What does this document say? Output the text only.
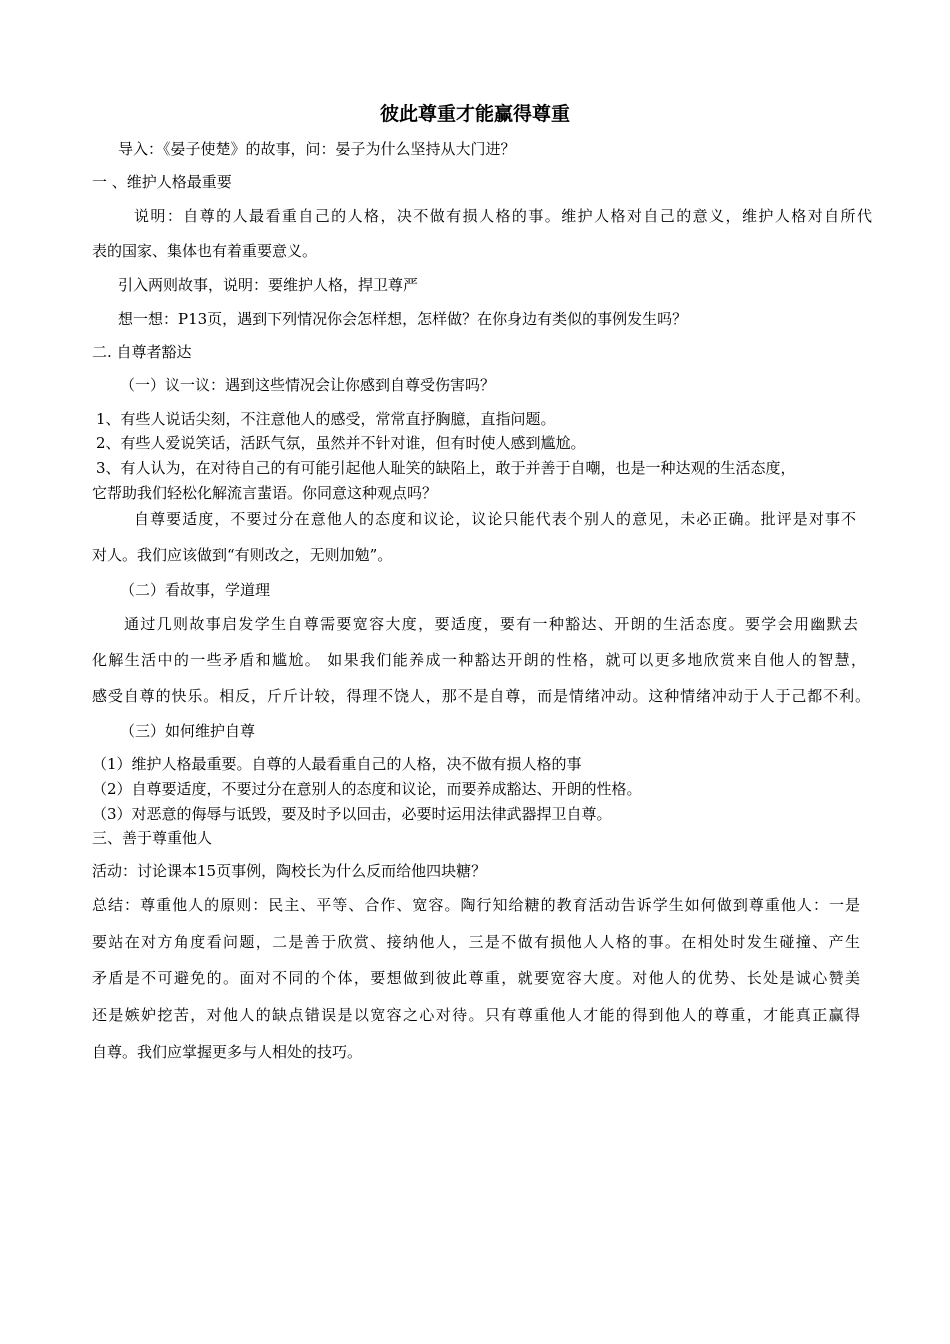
彼此尊重才能赢得尊重
导入：《晏子使楚》的故事，问：晏子为什么坚持从大门进？
一 、维护人格最重要
说明：自尊的人最看重自己的人格，决不做有损人格的事。维护人格对自己的意义，维护人格对自所代
表的国家、集体也有着重要意义。
引入两则故事，说明：要维护人格，捍卫尊严
想一想：P13页，遇到下列情况你会怎样想，怎样做？在你身边有类似的事例发生吗？
二. 自尊者豁达
（一）议一议：遇到这些情况会让你感到自尊受伤害吗？
1、有些人说话尖刻，不注意他人的感受，常常直抒胸臆，直指问题。
2、有些人爱说笑话，活跃气氛，虽然并不针对谁，但有时使人感到尴尬。
3、有人认为，在对待自己的有可能引起他人耻笑的缺陷上，敢于并善于自嘲，也是一种达观的生活态度，
它帮助我们轻松化解流言蜚语。你同意这种观点吗？
自尊要适度，不要过分在意他人的态度和议论，议论只能代表个别人的意见，未必正确。批评是对事不
对人。我们应该做到“有则改之，无则加勉”。
（二）看故事，学道理
通过几则故事启发学生自尊需要宽容大度，要适度，要有一种豁达、开朗的生活态度。要学会用幽默去
化解生活中的一些矛盾和尴尬。 如果我们能养成一种豁达开朗的性格，就可以更多地欣赏来自他人的智慧，
感受自尊的快乐。相反，斤斤计较，得理不饶人，那不是自尊，而是情绪冲动。这种情绪冲动于人于己都不利。
（三）如何维护自尊
（1）维护人格最重要。自尊的人最看重自己的人格，决不做有损人格的事
（2）自尊要适度，不要过分在意别人的态度和议论，而要养成豁达、开朗的性格。
（3）对恶意的侮辱与诋毁，要及时予以回击，必要时运用法律武器捍卫自尊。
三、善于尊重他人
活动：讨论课本15页事例，陶校长为什么反而给他四块糖？
总结：尊重他人的原则：民主、平等、合作、宽容。陶行知给糖的教育活动告诉学生如何做到尊重他人：一是
要站在对方角度看问题，二是善于欣赏、接纳他人，三是不做有损他人人格的事。在相处时发生碰撞、产生
矛盾是不可避免的。面对不同的个体，要想做到彼此尊重，就要宽容大度。对他人的优势、长处是诚心赞美
还是嫉妒挖苦，对他人的缺点错误是以宽容之心对待。只有尊重他人才能的得到他人的尊重，才能真正赢得
自尊。我们应掌握更多与人相处的技巧。
